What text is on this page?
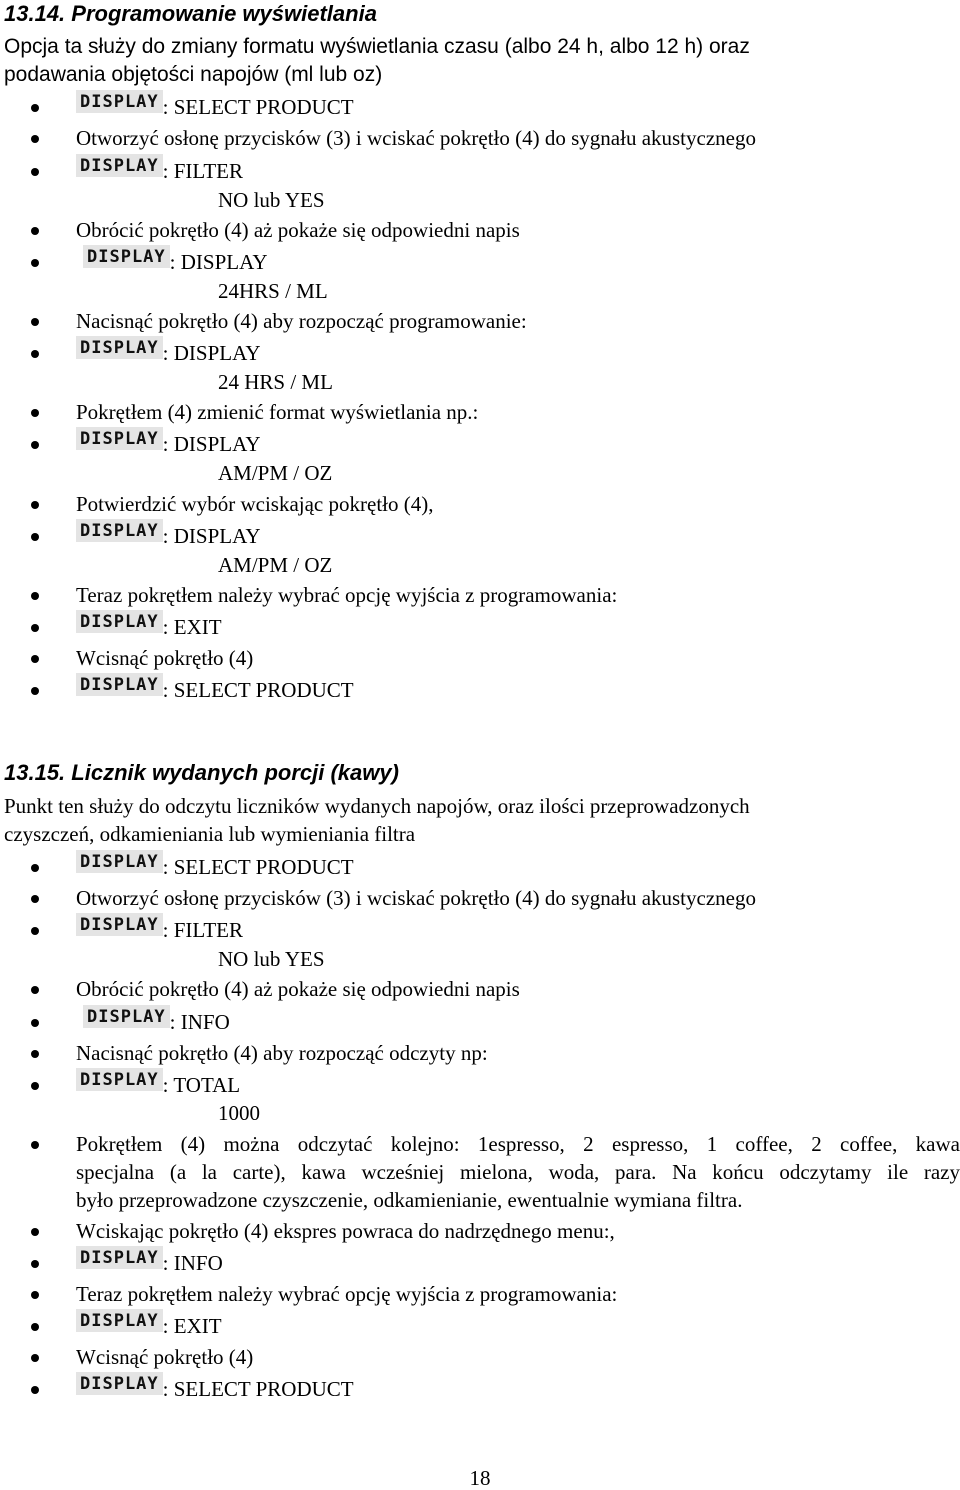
13.14. Programowanie wyświetlania
Opcja ta służy do zmiany formatu wyświetlania czasu (albo 24 h, albo 12 h) oraz
podawania objętości napojów (ml lub oz)
DISPLAY : SELECT PRODUCT
Otworzyć osłonę przycisków (3) i wciskać pokrętło (4) do sygnału akustycznego
DISPLAY : FILTER
NO lub YES
Obrócić pokrętło (4) aż pokaże się odpowiedni napis
DISPLAY : DISPLAY
24HRS / ML
Nacisnąć pokrętło (4) aby rozpocząć programowanie:
DISPLAY : DISPLAY
24 HRS / ML
Pokrętłem (4) zmienić format wyświetlania np.:
DISPLAY : DISPLAY
AM/PM / OZ
Potwierdzić wybór wciskając pokrętło (4),
DISPLAY : DISPLAY
AM/PM / OZ
Teraz pokrętłem należy wybrać opcję wyjścia z programowania:
DISPLAY : EXIT
Wcisnąć pokrętło (4)
DISPLAY : SELECT PRODUCT
13.15. Licznik wydanych porcji (kawy)
Punkt ten służy do odczytu liczników wydanych napojów, oraz ilości przeprowadzonych
czyszczeń, odkamieniania lub wymieniania filtra
DISPLAY : SELECT PRODUCT
Otworzyć osłonę przycisków (3) i wciskać pokrętło (4) do sygnału akustycznego
DISPLAY : FILTER
NO lub YES
Obrócić pokrętło (4) aż pokaże się odpowiedni napis
DISPLAY : INFO
Nacisnąć pokrętło (4) aby rozpocząć odczyty np:
DISPLAY : TOTAL
1000
Pokrętłem (4) można odczytać kolejno: 1espresso, 2 espresso, 1 coffee, 2 coffee, kawa
specjalna (a la carte), kawa wcześniej mielona, woda, para. Na końcu odczytamy ile razy
było przeprowadzone czyszczenie, odkamienianie, ewentualnie wymiana filtra.
Wciskając pokrętło (4) ekspres powraca do nadrzędnego menu:,
DISPLAY : INFO
Teraz pokrętłem należy wybrać opcję wyjścia z programowania:
DISPLAY : EXIT
Wcisnąć pokrętło (4)
DISPLAY : SELECT PRODUCT
18
